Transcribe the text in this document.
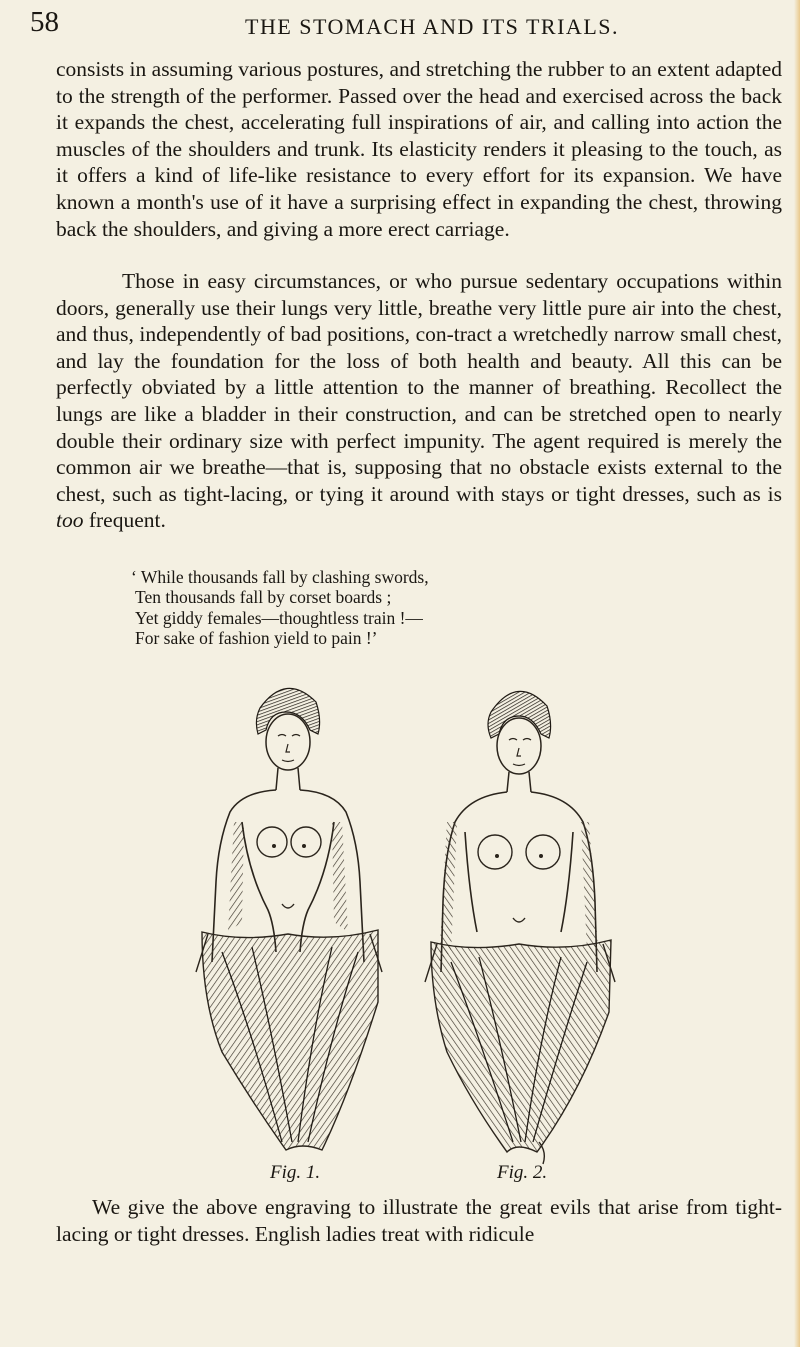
58	THE STOMACH AND ITS TRIALS.

consists in assuming various postures, and stretching the rubber to an extent adapted to the strength of the performer. Passed over the head and exercised across the back it expands the chest, accelerating full inspirations of air, and calling into action the muscles of the shoulders and trunk. Its elasticity renders it pleasing to the touch, as it offers a kind of life-like resistance to every effort for its expansion. We have known a month's use of it have a surprising effect in expanding the chest, throwing back the shoulders, and giving a more erect carriage.

Those in easy circumstances, or who pursue sedentary occupations within doors, generally use their lungs very little, breathe very little pure air into the chest, and thus, independently of bad positions, con-tract a wretchedly narrow small chest, and lay the foundation for the loss of both health and beauty. All this can be perfectly obviated by a little attention to the manner of breathing. Recollect the lungs are like a bladder in their construction, and can be stretched open to nearly double their ordinary size with perfect impunity. The agent required is merely the common air we breathe—that is, supposing that no obstacle exists external to the chest, such as tight-lacing, or tying it around with stays or tight dresses, such as is too frequent.

‘ While thousands fall by clashing swords,
Ten thousands fall by corset boards ;
Yet giddy females—thoughtless train !—
For sake of fashion yield to pain !’
Fig. 1.	Fig. 2.

We give the above engraving to illustrate the great evils that arise from tight-lacing or tight dresses. English ladies treat with ridicule
